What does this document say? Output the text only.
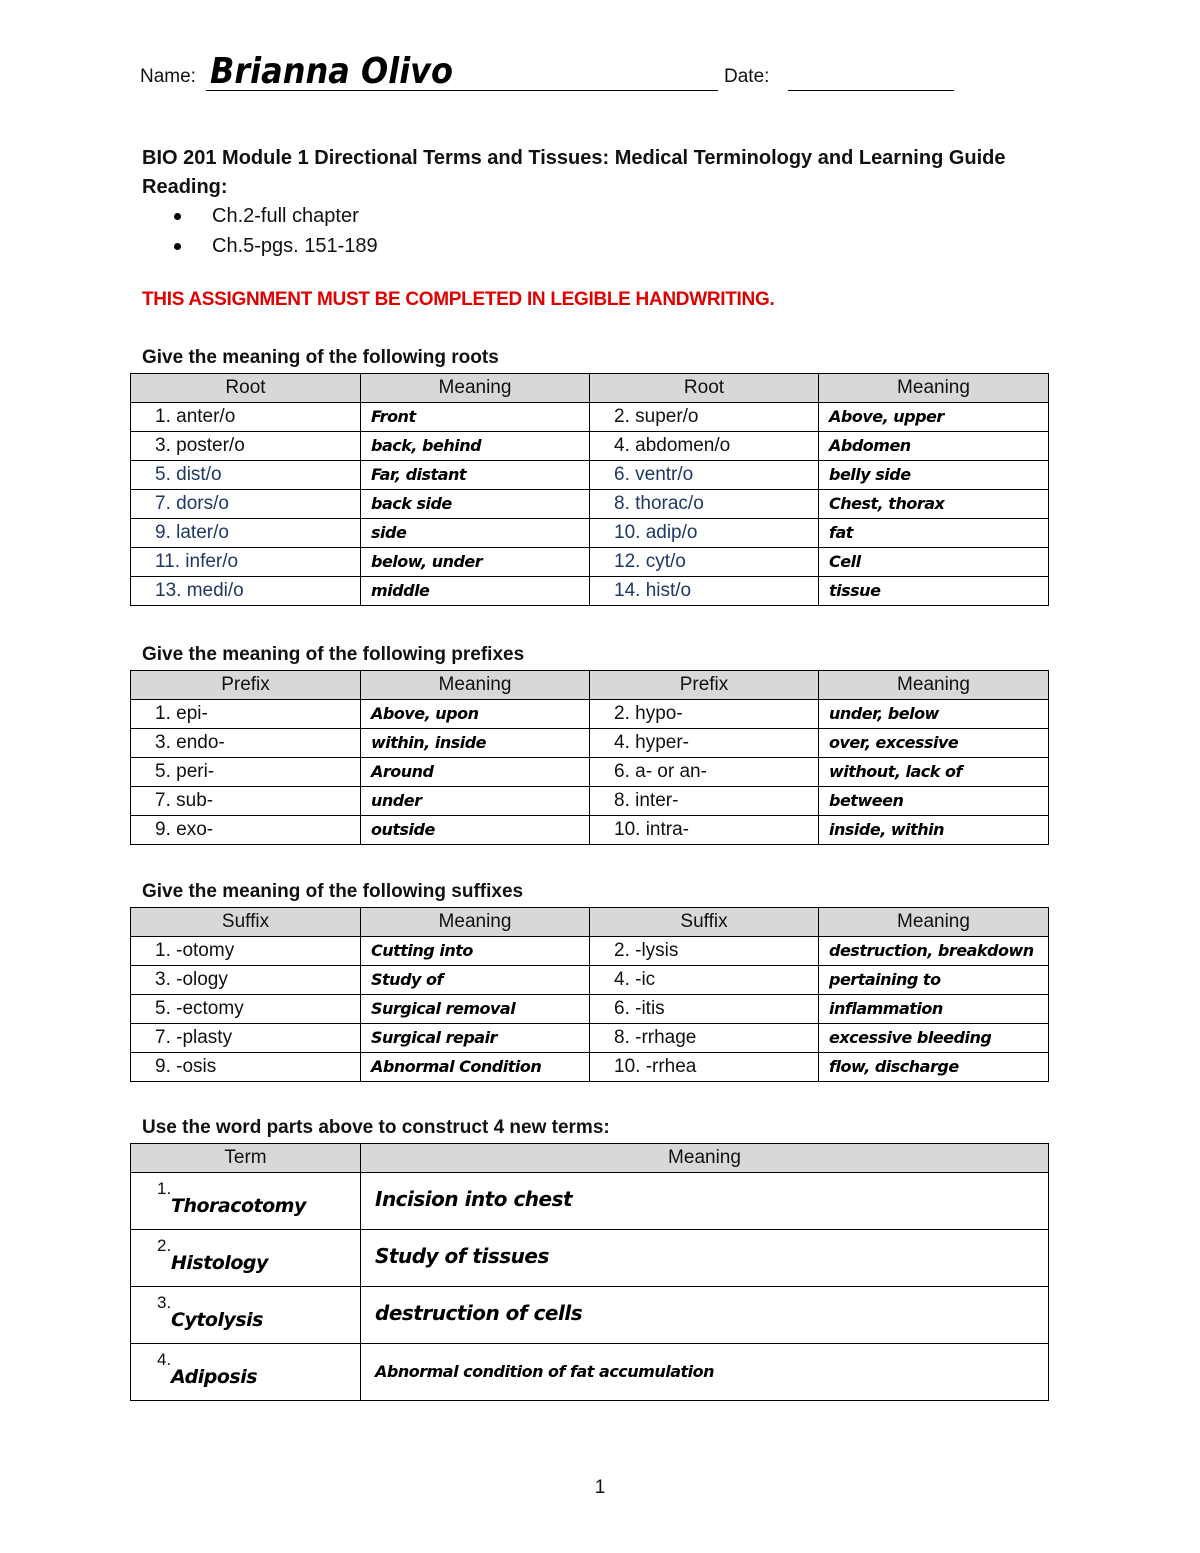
Name: Brianna Olivo	Date:
BIO 201 Module 1 Directional Terms and Tissues: Medical Terminology and Learning Guide
Reading:
Ch.2-full chapter
Ch.5-pgs. 151-189
THIS ASSIGNMENT MUST BE COMPLETED IN LEGIBLE HANDWRITING.
Give the meaning of the following roots
Root	Meaning	Root	Meaning
1. anter/o	Front	2. super/o	Above, upper
3. poster/o	back, behind	4. abdomen/o	Abdomen
5. dist/o	Far, distant	6. ventr/o	belly side
7. dors/o	back side	8. thorac/o	Chest, thorax
9. later/o	side	10. adip/o	fat
11. infer/o	below, under	12. cyt/o	Cell
13. medi/o	middle	14. hist/o	tissue
Give the meaning of the following prefixes
Prefix	Meaning	Prefix	Meaning
1. epi-	Above, upon	2. hypo-	under, below
3. endo-	within, inside	4. hyper-	over, excessive
5. peri-	Around	6. a- or an-	without, lack of
7. sub-	under	8. inter-	between
9. exo-	outside	10. intra-	inside, within
Give the meaning of the following suffixes
Suffix	Meaning	Suffix	Meaning
1. -otomy	Cutting into	2. -lysis	destruction, breakdown
3. -ology	Study of	4. -ic	pertaining to
5. -ectomy	Surgical removal	6. -itis	inflammation
7. -plasty	Surgical repair	8. -rrhage	excessive bleeding
9. -osis	Abnormal Condition	10. -rrhea	flow, discharge
Use the word parts above to construct 4 new terms:
Term	Meaning

1.
Thoracotomy	Incision into chest

2.
Histology	Study of tissues

3.
Cytolysis	destruction of cells

4.
Adiposis	Abnormal condition of fat accumulation
1
